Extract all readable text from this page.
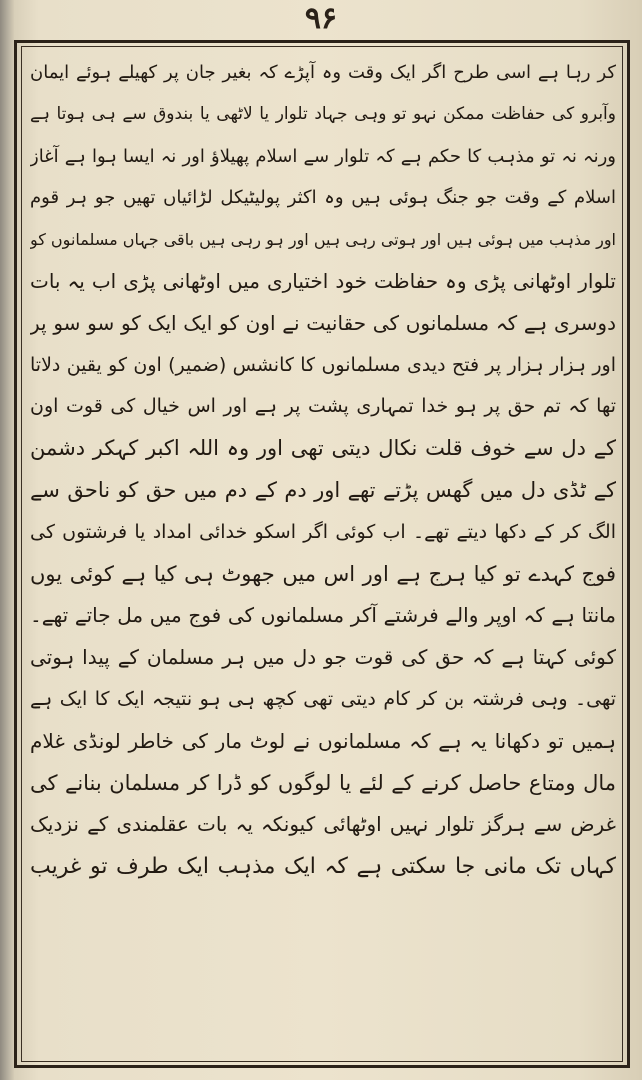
۹۶
کر رہا ہے اسی طرح اگر ایک وقت وہ آپڑے کہ بغیر جان پر کھیلے ہوئے ایمان
وآبرو کی حفاظت ممکن نہو تو وہی جہاد تلوار یا لاٹھی یا بندوق سے ہی ہوتا ہے
ورنہ نہ تو مذہب کا حکم ہے کہ تلوار سے اسلام پھیلاؤ اور نہ ایسا ہوا ہے آغاز
اسلام کے وقت جو جنگ ہوئی ہیں وہ اکثر پولیٹیکل لڑائیاں تھیں جو ہر قوم
اور مذہب میں ہوئی ہیں اور ہوتی رہی ہیں اور ہو رہی ہیں باقی جہاں مسلمانوں کو
تلوار اوٹھانی پڑی وہ حفاظت خود اختیاری میں اوٹھانی پڑی اب یہ بات
دوسری ہے کہ مسلمانوں کی حقانیت نے اون کو ایک ایک کو سو سو پر
اور ہزار ہزار پر فتح دیدی مسلمانوں کا کانشس (ضمیر) اون کو یقین دلاتا
تھا کہ تم حق پر ہو خدا تمہاری پشت پر ہے اور اس خیال کی قوت اون
کے دل سے خوف قلت نکال دیتی تھی اور وہ اللہ اکبر کہکر دشمن
کے ٹڈی دل میں گھس پڑتے تھے اور دم کے دم میں حق کو ناحق سے
الگ کر کے دکھا دیتے تھے۔ اب کوئی اگر اسکو خدائی امداد یا فرشتوں کی
فوج کہدے تو کیا ہرج ہے اور اس میں جھوٹ ہی کیا ہے کوئی یوں
مانتا ہے کہ اوپر والے فرشتے آکر مسلمانوں کی فوج میں مل جاتے تھے۔
کوئی کہتا ہے کہ حق کی قوت جو دل میں ہر مسلمان کے پیدا ہوتی
تھی۔ وہی فرشتہ بن کر کام دیتی تھی کچھ ہی ہو نتیجہ ایک کا ایک ہے
ہمیں تو دکھانا یہ ہے کہ مسلمانوں نے لوٹ مار کی خاطر لونڈی غلام
مال ومتاع حاصل کرنے کے لئے یا لوگوں کو ڈرا کر مسلمان بنانے کی
غرض سے ہرگز تلوار نہیں اوٹھائی کیونکہ یہ بات عقلمندی کے نزدیک
کہاں تک مانی جا سکتی ہے کہ ایک مذہب ایک طرف تو غریب
